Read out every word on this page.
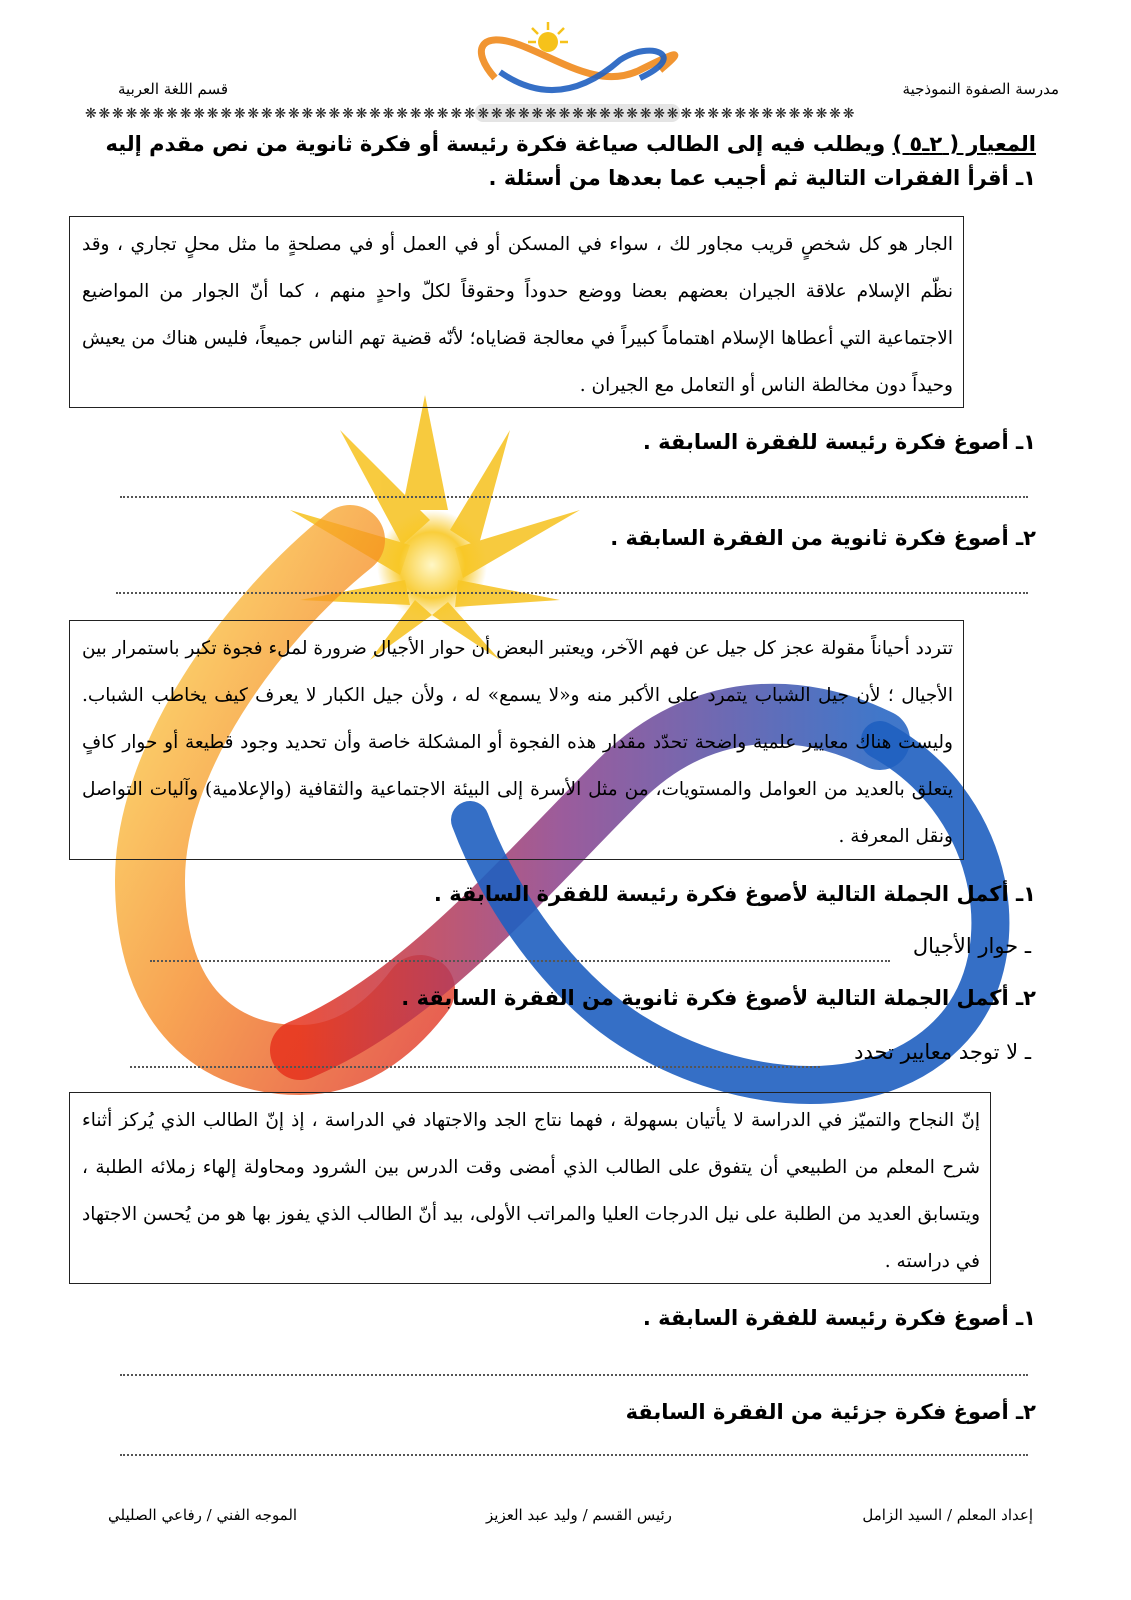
مدرسة الصفوة النموذجية
قسم اللغة العربية
❋❋❋❋❋❋❋❋❋❋❋❋❋❋❋❋❋❋❋❋❋❋❋❋❋❋❋❋❋❋❋❋❋❋❋❋❋❋❋❋❋❋❋❋❋❋❋❋❋❋❋❋❋❋❋❋❋
المعيار ( ٢ـ٥ ) ويطلب فيه إلى الطالب صياغة فكرة رئيسة أو فكرة ثانوية من نص مقدم إليه
١ـ أقرأ الفقرات التالية ثم أجيب عما بعدها من أسئلة .
الجار هو كل شخصٍ قريب مجاور لك ، سواء في المسكن أو في العمل أو في مصلحةٍ ما مثل محلٍ تجاري ، وقد نظّم الإسلام علاقة الجيران بعضهم بعضا ووضع حدوداً وحقوقاً لكلّ واحدٍ منهم ، كما أنّ الجوار من المواضيع الاجتماعية التي أعطاها الإسلام اهتماماً كبيراً في معالجة قضاياه؛ لأنّه قضية تهم الناس جميعاً، فليس هناك من يعيش وحيداً دون مخالطة الناس أو التعامل مع الجيران .
١ـ أصوغ فكرة رئيسة للفقرة السابقة .
٢ـ أصوغ فكرة ثانوية من الفقرة السابقة .
تتردد أحياناً مقولة عجز كل جيل عن فهم الآخر، ويعتبر البعض أن حوار الأجيال ضرورة لملء فجوة تكبر باستمرار بين الأجيال ؛ لأن جيل الشباب يتمرد على الأكبر منه و«لا يسمع» له ، ولأن جيل الكبار لا يعرف كيف يخاطب الشباب. وليست هناك معايير علمية واضحة تحدّد مقدار هذه الفجوة أو المشكلة خاصة وأن تحديد وجود قطيعة أو حوار كافٍ يتعلق بالعديد من العوامل والمستويات، من مثل الأسرة إلى البيئة الاجتماعية والثقافية (والإعلامية) وآليات التواصل ونقل المعرفة .
١ـ أكمل الجملة التالية لأصوغ فكرة رئيسة للفقرة السابقة .
ـ حوار الأجيال
٢ـ أكمل الجملة التالية لأصوغ فكرة ثانوية من الفقرة السابقة .
ـ لا توجد معايير تحدد
إنّ النجاح والتميّز في الدراسة لا يأتيان بسهولة ، فهما نتاج الجد والاجتهاد في الدراسة ، إذ إنّ الطالب الذي يُركز أثناء شرح المعلم من الطبيعي أن يتفوق على الطالب الذي أمضى وقت الدرس بين الشرود ومحاولة إلهاء زملائه الطلبة ، ويتسابق العديد من الطلبة على نيل الدرجات العليا والمراتب الأولى، بيد أنّ الطالب الذي يفوز بها هو من يُحسن الاجتهاد في دراسته .
١ـ أصوغ فكرة رئيسة للفقرة السابقة .
٢ـ أصوغ فكرة جزئية من الفقرة السابقة
إعداد المعلم / السيد الزامل
رئيس القسم / وليد عبد العزيز
الموجه الفني / رفاعي الصليلي
